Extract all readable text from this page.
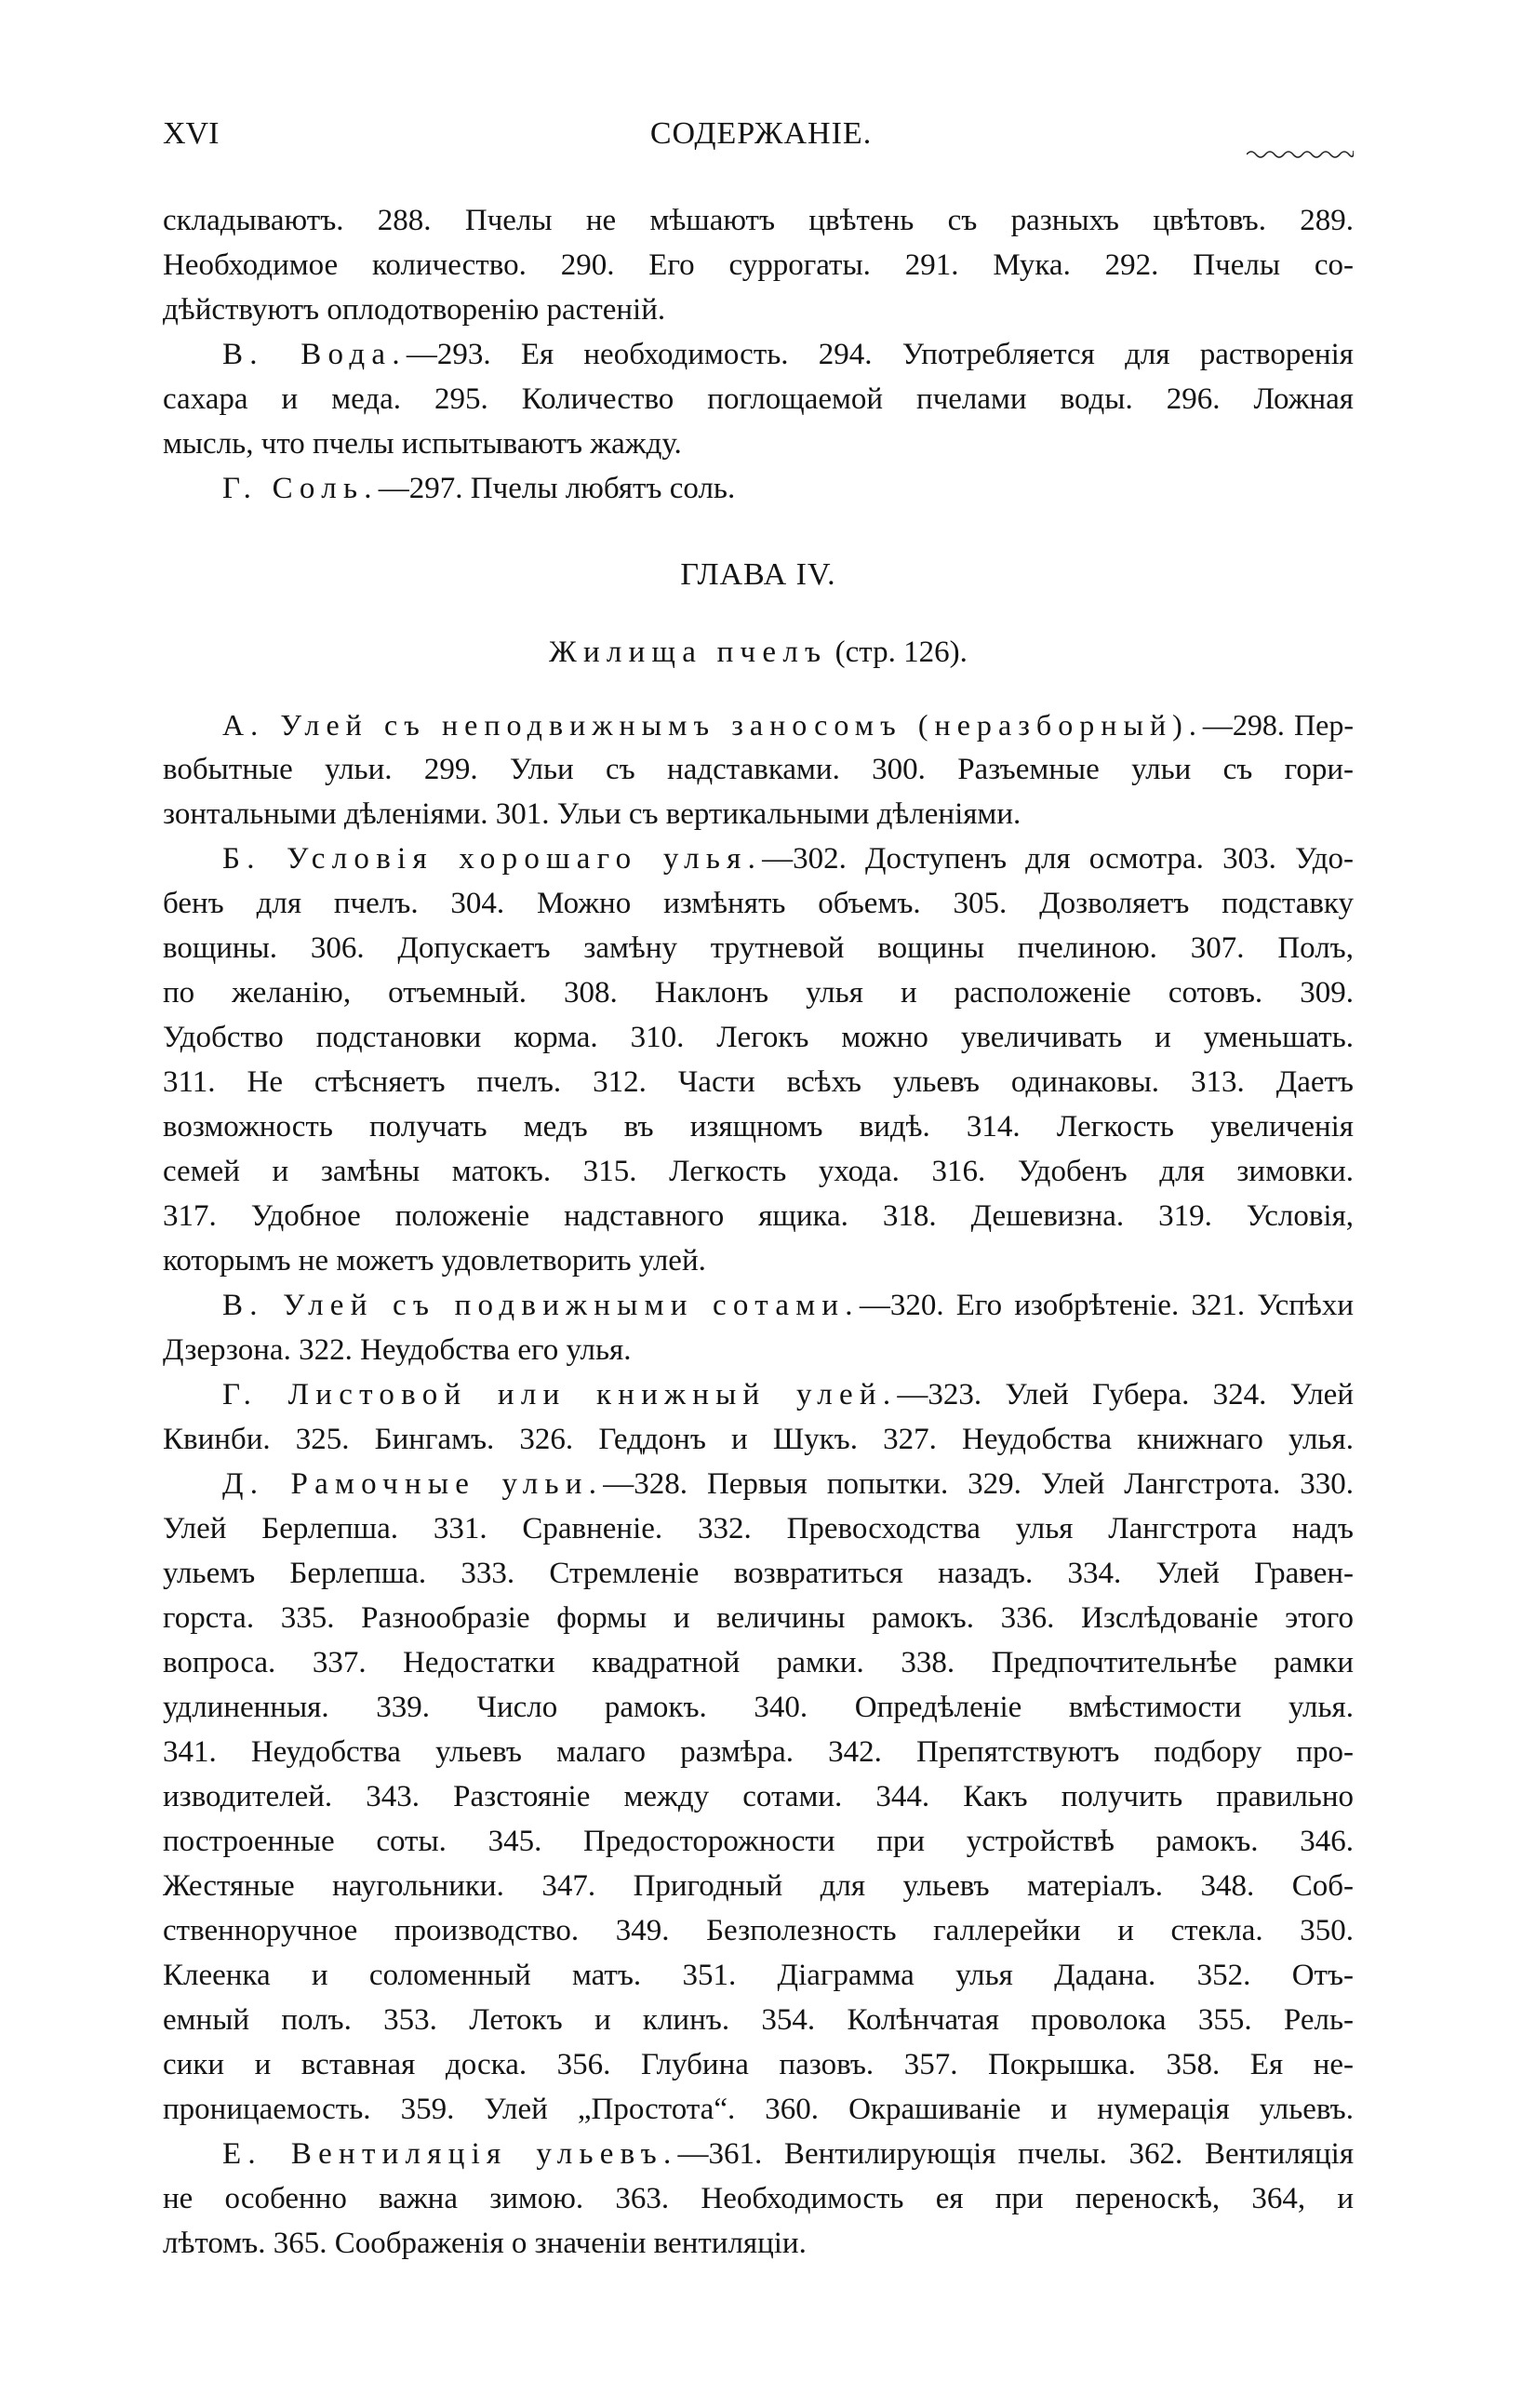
XVI	СОДЕРЖАНІЕ.
складываютъ. 288. Пчелы не мѣшаютъ цвѣтень съ разныхъ цвѣтовъ. 289.
Необходимое количество. 290. Его суррогаты. 291. Мука. 292. Пчелы со-
дѣйствуютъ оплодотворенію растеній.
В. Вода.—293. Ея необходимость. 294. Употребляется для растворенія
сахара и меда. 295. Количество поглощаемой пчелами воды. 296. Ложная
мысль, что пчелы испытываютъ жажду.
Г. Соль.—297. Пчелы любятъ соль.
ГЛАВА IV.
Жилища пчелъ (стр. 126).
А. Улей съ неподвижнымъ заносомъ (неразборный).—298. Пер-
вобытные ульи. 299. Ульи съ надставками. 300. Разъемные ульи съ гори-
зонтальными дѣленіями. 301. Ульи съ вертикальными дѣленіями.
Б. Условія хорошаго улья.—302. Доступенъ для осмотра. 303. Удо-
бенъ для пчелъ. 304. Можно измѣнять объемъ. 305. Дозволяетъ подставку
вощины. 306. Допускаетъ замѣну трутневой вощины пчелиною. 307. Полъ,
по желанію, отъемный. 308. Наклонъ улья и расположеніе сотовъ. 309.
Удобство подстановки корма. 310. Легокъ можно увеличивать и уменьшать.
311. Не стѣсняетъ пчелъ. 312. Части всѣхъ ульевъ одинаковы. 313. Даетъ
возможность получать медъ въ изящномъ видѣ. 314. Легкость увеличенія
семей и замѣны матокъ. 315. Легкость ухода. 316. Удобенъ для зимовки.
317. Удобное положеніе надставного ящика. 318. Дешевизна. 319. Условія,
которымъ не можетъ удовлетворить улей.
В. Улей съ подвижными сотами.—320. Его изобрѣтеніе. 321. Успѣхи
Дзерзона. 322. Неудобства его улья.
Г. Листовой или книжный улей.—323. Улей Губера. 324. Улей
Квинби. 325. Бингамъ. 326. Геддонъ и Шукъ. 327. Неудобства книжнаго улья.
Д. Рамочные ульи.—328. Первыя попытки. 329. Улей Лангстрота. 330.
Улей Берлепша. 331. Сравненіе. 332. Превосходства улья Лангстрота надъ
ульемъ Берлепша. 333. Стремленіе возвратиться назадъ. 334. Улей Гравен-
горста. 335. Разнообразіе формы и величины рамокъ. 336. Изслѣдованіе этого
вопроса. 337. Недостатки квадратной рамки. 338. Предпочтительнѣе рамки
удлиненныя. 339. Число рамокъ. 340. Опредѣленіе вмѣстимости улья.
341. Неудобства ульевъ малаго размѣра. 342. Препятствуютъ подбору про-
изводителей. 343. Разстояніе между сотами. 344. Какъ получить правильно
построенные соты. 345. Предосторожности при устройствѣ рамокъ. 346.
Жестяные наугольники. 347. Пригодный для ульевъ матеріалъ. 348. Соб-
ственноручное производство. 349. Безполезность галлерейки и стекла. 350.
Клеенка и соломенный матъ. 351. Діаграмма улья Дадана. 352. Отъ-
емный полъ. 353. Летокъ и клинъ. 354. Колѣнчатая проволока 355. Рель-
сики и вставная доска. 356. Глубина пазовъ. 357. Покрышка. 358. Ея не-
проницаемость. 359. Улей „Простота“. 360. Окрашиваніе и нумерація ульевъ.
Е. Вентиляція ульевъ.—361. Вентилирующія пчелы. 362. Вентиляція
не особенно важна зимою. 363. Необходимость ея при переноскѣ, 364, и
лѣтомъ. 365. Соображенія о значеніи вентиляціи.
